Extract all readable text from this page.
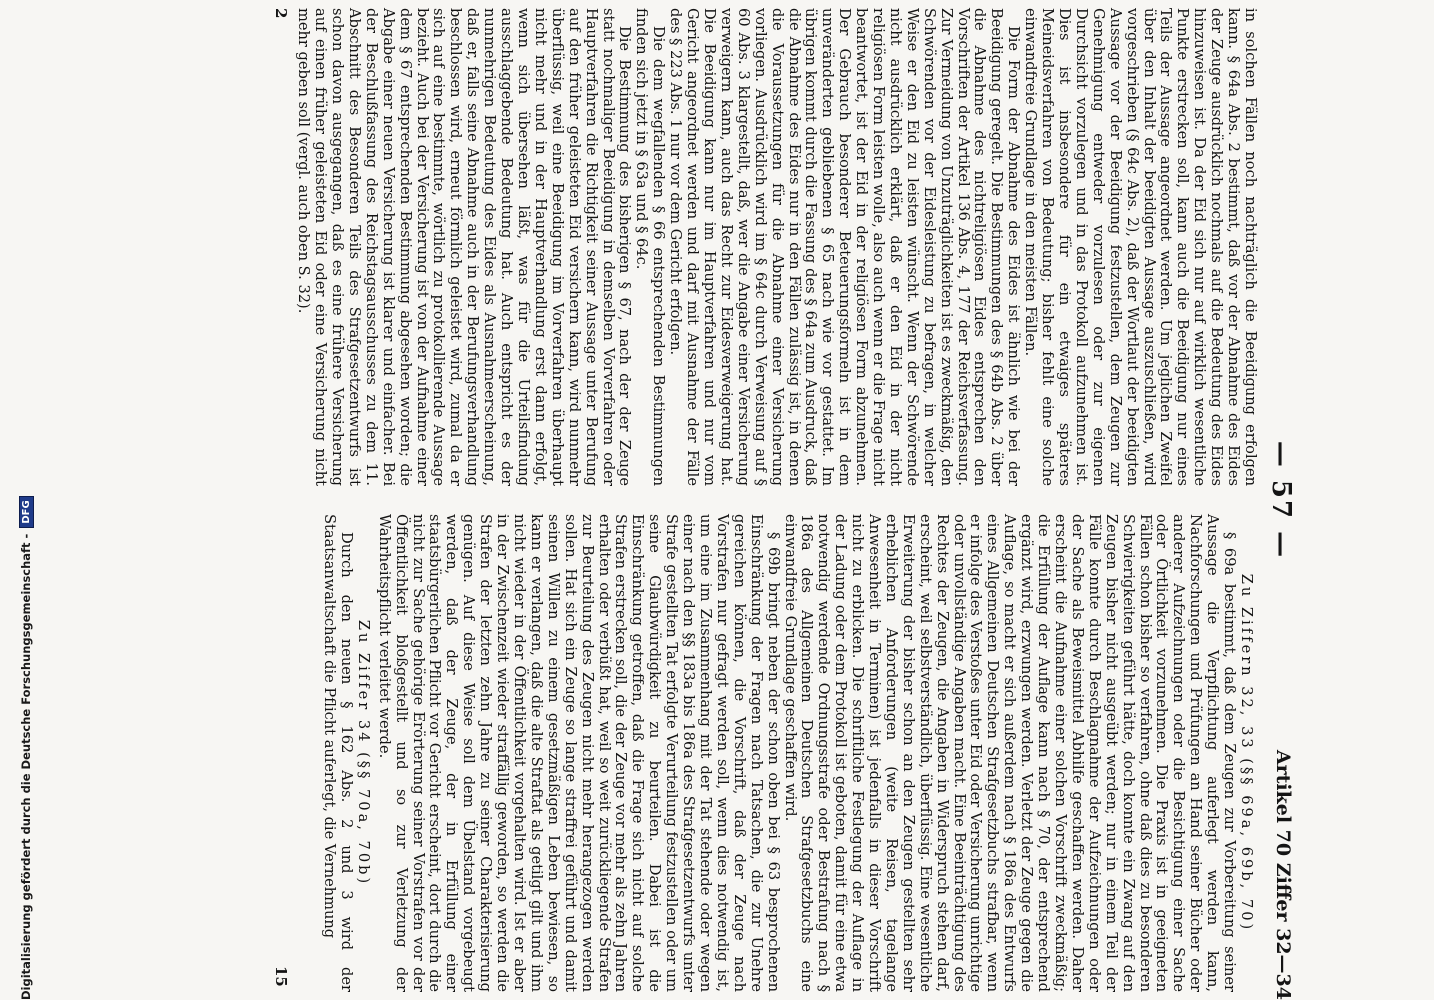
— 57 —
Artikel 70 Ziffer 32—34

in solchen Fällen noch nachträglich die Beeidigung erfolgen kann. § 64a Abs. 2 bestimmt, daß vor der Abnahme des Eides der Zeuge ausdrücklich nochmals auf die Bedeutung des Eides hinzuweisen ist. Da der Eid sich nur auf wirklich wesentliche Punkte erstrecken soll, kann auch die Beeidigung nur eines Teils der Aussage angeordnet werden. Um jeglichen Zweifel über den Inhalt der beeidigten Aussage auszuschließen, wird vorgeschrieben (§ 64c Abs. 2), daß der Wortlaut der beeidigten Aussage vor der Beeidigung festzustellen, dem Zeugen zur Genehmigung entweder vorzulesen oder zur eigenen Durchsicht vorzulegen und in das Protokoll aufzunehmen ist. Dies ist insbesondere für ein etwaiges späteres Meineidsverfahren von Bedeutung; bisher fehlt eine solche einwandfreie Grundlage in den meisten Fällen.

Die Form der Abnahme des Eides ist ähnlich wie bei der Beeidigung geregelt. Die Bestimmungen des § 64b Abs. 2 über die Abnahme des nichtreligiösen Eides entsprechen den Vorschriften der Artikel 136 Abs. 4, 177 der Reichsverfassung. Zur Vermeidung von Unzuträglichkeiten ist es zweckmäßig, den Schwörenden vor der Eidesleistung zu befragen, in welcher Weise er den Eid zu leisten wünscht. Wenn der Schwörende nicht ausdrücklich erklärt, daß er den Eid in der nicht religiösen Form leisten wolle, also auch wenn er die Frage nicht beantwortet, ist der Eid in der religiösen Form abzunehmen. Der Gebrauch besonderer Beteuerungsformeln ist in dem unveränderten gebliebenen § 65 nach wie vor gestattet. Im übrigen kommt durch die Fassung des § 64a zum Ausdruck, daß die Abnahme des Eides nur in den Fällen zulässig ist, in denen die Voraussetzungen für die Abnahme einer Versicherung vorliegen. Ausdrücklich wird im § 64c durch Verweisung auf § 60 Abs. 3 klargestellt, daß, wer die Angabe einer Versicherung verweigern kann, auch das Recht zur Eidesverweigerung hat. Die Beeidigung kann nur im Hauptverfahren und nur vom Gericht angeordnet werden und darf mit Ausnahme der Fälle des § 223 Abs. 1 nur vor dem Gericht erfolgen.

Die dem wegfallenden § 66 entsprechenden Bestimmungen finden sich jetzt in § 63a und § 64c.

Die Bestimmung des bisherigen § 67, nach der der Zeuge statt nochmaliger Beeidigung in demselben Vorverfahren oder Hauptverfahren die Richtigkeit seiner Aussage unter Berufung auf den früher geleisteten Eid versichern kann, wird nunmehr überflüssig, weil eine Beeidigung im Vorverfahren überhaupt nicht mehr und in der Hauptverhandlung erst dann erfolgt, wenn sich übersehen läßt, was für die Urteilsfindung ausschlaggebende Bedeutung hat. Auch entspricht es der nunmehrigen Bedeutung des Eides als Ausnahmeerscheinung, daß er, falls seine Abnahme auch in der Berufungsverhandlung beschlossen wird, erneut förmlich geleistet wird, zumal da er sich auf eine bestimmte, wörtlich zu protokollierende Aussage bezieht. Auch bei der Versicherung ist von der Aufnahme einer dem § 67 entsprechenden Bestimmung abgesehen worden; die Abgabe einer neuen Versicherung ist klarer und einfacher. Bei der Beschlußfassung des Reichstagsausschusses zu dem 11. Abschnitt des Besonderen Teils des Strafgesetzentwurfs ist schon davon ausgegangen, daß es eine frühere Versicherung auf einen früher geleisteten Eid oder eine Versicherung nicht mehr geben soll (vergl. auch oben S. 32).

Zu Ziffern 32, 33 (§§ 69a, 69b, 70)

§ 69a bestimmt, daß dem Zeugen zur Vorbereitung seiner Aussage die Verpflichtung auferlegt werden kann, Nachforschungen und Prüfungen an Hand seiner Bücher oder anderer Aufzeichnungen oder die Besichtigung einer Sache oder Örtlichkeit vorzunehmen. Die Praxis ist in geeigneten Fällen schon bisher so verfahren, ohne daß dies zu besonderen Schwierigkeiten geführt hätte, doch konnte ein Zwang auf den Zeugen bisher nicht ausgeübt werden; nur in einem Teil der Fälle konnte durch Beschlagnahme der Aufzeichnungen oder der Sache als Beweismittel Abhilfe geschaffen werden. Daher erscheint die Aufnahme einer solchen Vorschrift zweckmäßig; die Erfüllung der Auflage kann nach § 70, der entsprechend ergänzt wird, erzwungen werden. Verletzt der Zeuge gegen die Auflage, so macht er sich außerdem nach § 186a des Entwurfs eines Allgemeinen Deutschen Strafgesetzbuchs strafbar, wenn er infolge des Verstoßes unter Eid oder Versicherung unrichtige oder unvollständige Angaben macht. Eine Beeinträchtigung des Rechtes der Zeugen, die Angaben in Widerspruch stehen darf, erscheint, weil selbstverständlich, überflüssig. Eine wesentliche Erweiterung der bisher schon an den Zeugen gestellten sehr erheblichen Anforderungen (weite Reisen, tagelange Anwesenheit in Terminen) ist jedenfalls in dieser Vorschrift nicht zu erblicken. Die schriftliche Festlegung der Auflage in der Ladung oder dem Protokoll ist geboten, damit für eine etwa notwendig werdende Ordnungsstrafe oder Bestrafung nach § 186a des Allgemeinen Deutschen Strafgesetzbuchs eine einwandfreie Grundlage geschaffen wird.

§ 69b bringt neben der schon oben bei § 63 besprochenen Einschränkung der Fragen nach Tatsachen, die zur Unehre gereichen können, die Vorschrift, daß der Zeuge nach Vorstrafen nur gefragt werden soll, wenn dies notwendig ist, um eine im Zusammenhang mit der Tat stehende oder wegen einer nach den §§ 183a bis 186a des Strafgesetzentwurfs unter Strafe gestellten Tat erfolgte Verurteilung festzustellen oder um seine Glaubwürdigkeit zu beurteilen. Dabei ist die Einschränkung getroffen, daß die Frage sich nicht auf solche Strafen erstrecken soll, die der Zeuge vor mehr als zehn Jahren erhalten oder verbüßt hat, weil so weit zurückliegende Strafen zur Beurteilung des Zeugen nicht mehr herangezogen werden sollen. Hat sich ein Zeuge so lange straffrei geführt und damit seinen Willen zu einem gesetzmäßigen Leben bewiesen, so kann er verlangen, daß die alte Straftat als getilgt gilt und ihm nicht wieder in der Öffentlichkeit vorgehalten wird. Ist er aber in der Zwischenzeit wieder straffällig geworden, so werden die Strafen der letzten zehn Jahre zu seiner Charakterisierung genügen. Auf diese Weise soll dem Übelstand vorgebeugt werden, daß der Zeuge, der in Erfüllung einer staatsbürgerlichen Pflicht vor Gericht erscheint, dort durch die nicht zur Sache gehörige Erörterung seiner Vorstrafen vor der Öffentlichkeit bloßgestellt und so zur Verletzung der Wahrheitspflicht verleitet werde.

Zu Ziffer 34 (§§ 70a, 70b)

Durch den neuen § 162 Abs. 2 und 3 wird der Staatsanwaltschaft die Pflicht auferlegt, die Vernehmung

2
15
Digitalisierung gefördert durch die Deutsche Forschungsgemeinschaft -
DFG
